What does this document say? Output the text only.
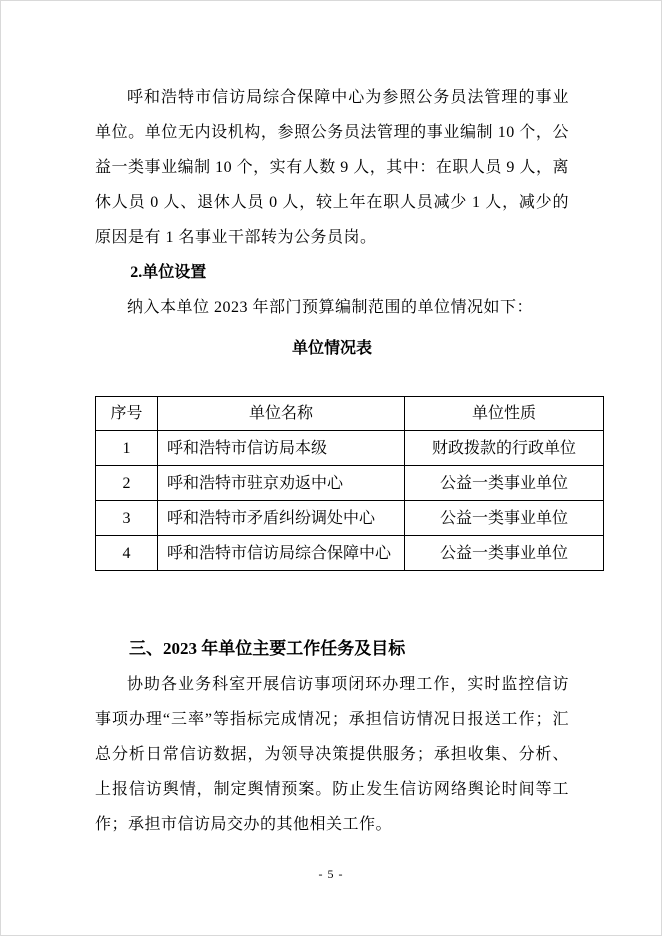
呼和浩特市信访局综合保障中心为参照公务员法管理的事业单位。单位无内设机构，参照公务员法管理的事业编制 10 个，公益一类事业编制 10 个，实有人数 9 人，其中：在职人员 9 人，离休人员 0 人、退休人员 0 人，较上年在职人员减少 1 人，减少的原因是有 1 名事业干部转为公务员岗。

2.单位设置

纳入本单位 2023 年部门预算编制范围的单位情况如下：

单位情况表

序号	单位名称	单位性质
1	呼和浩特市信访局本级	财政拨款的行政单位
2	呼和浩特市驻京劝返中心	公益一类事业单位
3	呼和浩特市矛盾纠纷调处中心	公益一类事业单位
4	呼和浩特市信访局综合保障中心	公益一类事业单位

三、2023 年单位主要工作任务及目标

协助各业务科室开展信访事项闭环办理工作，实时监控信访事项办理“三率”等指标完成情况；承担信访情况日报送工作；汇总分析日常信访数据，为领导决策提供服务；承担收集、分析、上报信访舆情，制定舆情预案。防止发生信访网络舆论时间等工作；承担市信访局交办的其他相关工作。

- 5 -
